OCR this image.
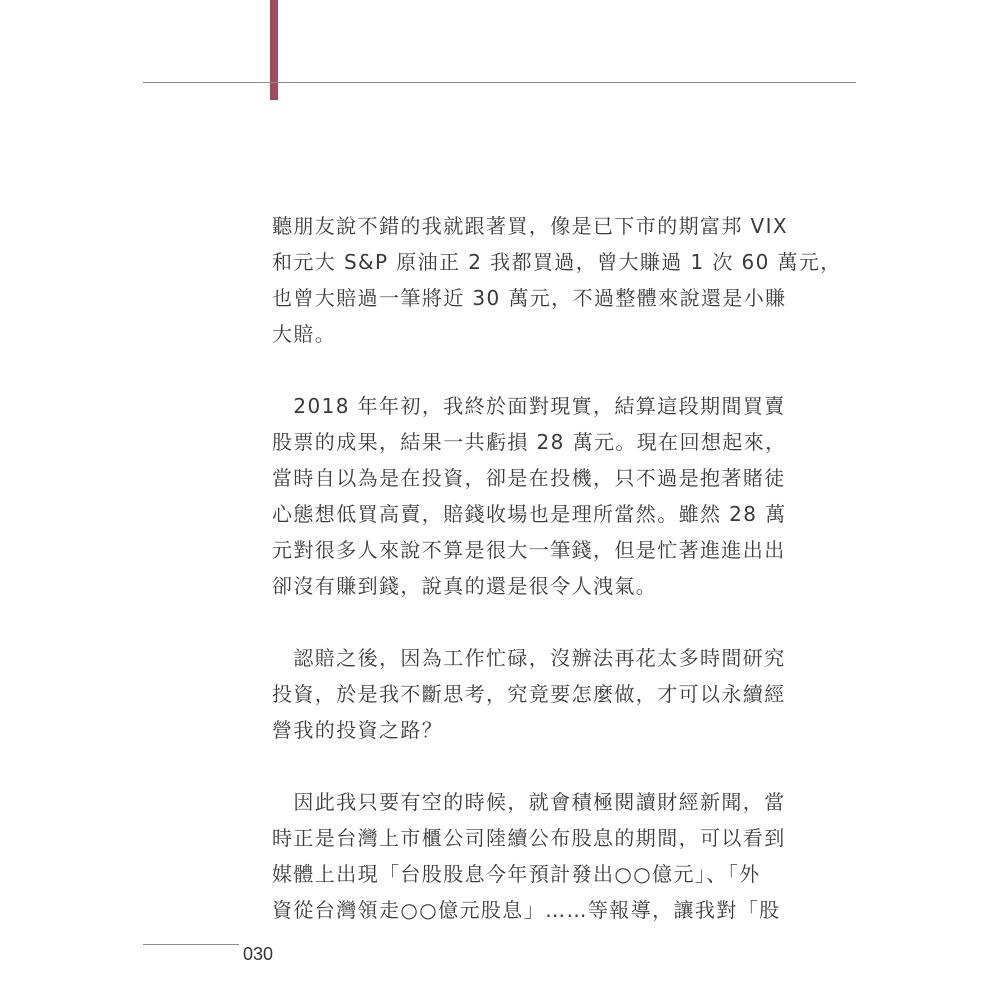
聽朋友說不錯的我就跟著買，像是已下市的期富邦 VIX
和元大 S&P 原油正 2 我都買過，曾大賺過 1 次 60 萬元，
也曾大賠過一筆將近 30 萬元，不過整體來說還是小賺
大賠。
　2018 年年初，我終於面對現實，結算這段期間買賣
股票的成果，結果一共虧損 28 萬元。現在回想起來，
當時自以為是在投資，卻是在投機，只不過是抱著賭徒
心態想低買高賣，賠錢收場也是理所當然。雖然 28 萬
元對很多人來說不算是很大一筆錢，但是忙著進進出出
卻沒有賺到錢，說真的還是很令人洩氣。
　認賠之後，因為工作忙碌，沒辦法再花太多時間研究
投資，於是我不斷思考，究竟要怎麼做，才可以永續經
營我的投資之路？
　因此我只要有空的時候，就會積極閱讀財經新聞，當
時正是台灣上市櫃公司陸續公布股息的期間，可以看到
媒體上出現「台股股息今年預計發出○○億元」、「外
資從台灣領走○○億元股息」……等報導，讓我對「股
030
